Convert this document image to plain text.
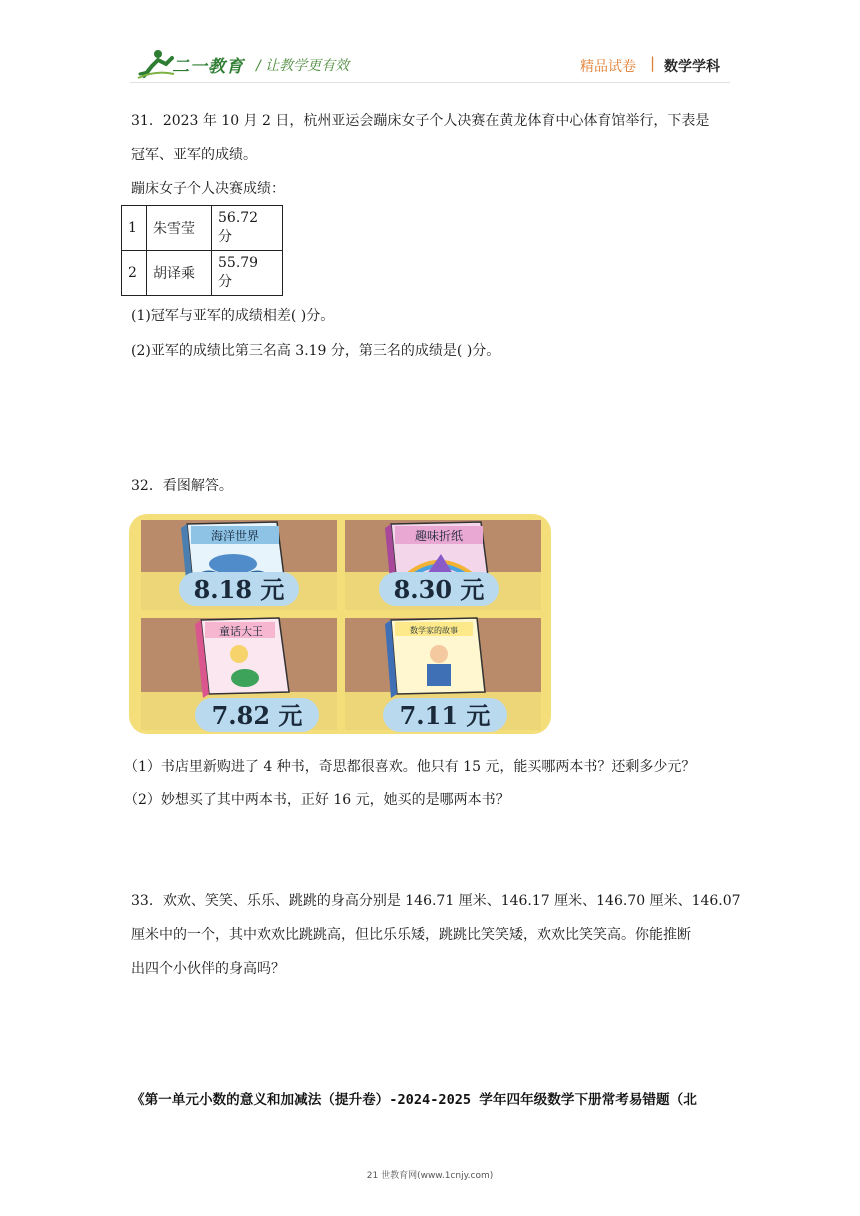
二一教育 / 让教学更有效	精品试卷 | 数学学科
31．2023 年 10 月 2 日，杭州亚运会蹦床女子个人决赛在黄龙体育中心体育馆举行，下表是
冠军、亚军的成绩。
蹦床女子个人决赛成绩：
1	朱雪莹	56.72 分
2	胡译乘	55.79 分
(1)冠军与亚军的成绩相差( )分。
(2)亚军的成绩比第三名高 3.19 分，第三名的成绩是( )分。
32．看图解答。
海洋世界	趣味折纸
童话大王	数学家的故事
8.18 元	8.30 元
7.82 元	7.11 元
（1）书店里新购进了 4 种书，奇思都很喜欢。他只有 15 元，能买哪两本书？还剩多少元？
（2）妙想买了其中两本书，正好 16 元，她买的是哪两本书？
33．欢欢、笑笑、乐乐、跳跳的身高分别是 146.71 厘米、146.17 厘米、146.70 厘米、146.07
厘米中的一个，其中欢欢比跳跳高，但比乐乐矮，跳跳比笑笑矮，欢欢比笑笑高。你能推断
出四个小伙伴的身高吗？
《第一单元小数的意义和加减法（提升卷）-2024-2025 学年四年级数学下册常考易错题（北
21 世教育网(www.1cnjy.com)
